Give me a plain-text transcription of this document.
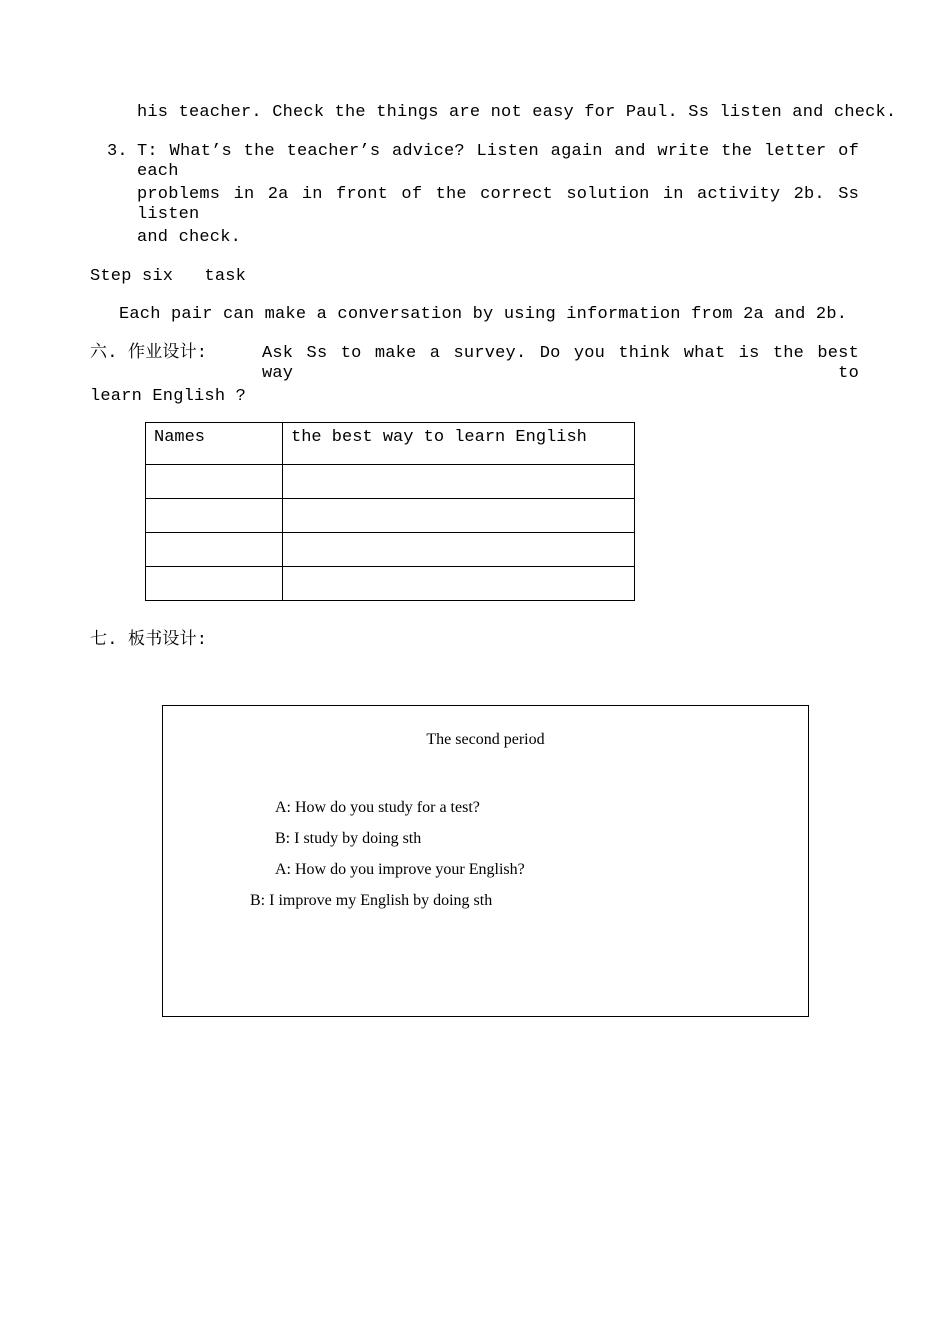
his teacher. Check the things are not easy for Paul. Ss listen and check.
3. T: What’s the teacher’s advice? Listen again and write the letter of each
problems in 2a in front of the correct solution in activity 2b. Ss listen
and check.
Step six   task
Each pair can make a conversation by using information from 2a and 2b.
六. 作业设计:	Ask Ss to make a survey. Do you think what is the best way to
learn English ?
Names	the best way to learn English

七. 板书设计:
The second period
A: How do you study for a test?
B: I study by doing sth
A: How do you improve your English?
B: I improve my English by doing sth
